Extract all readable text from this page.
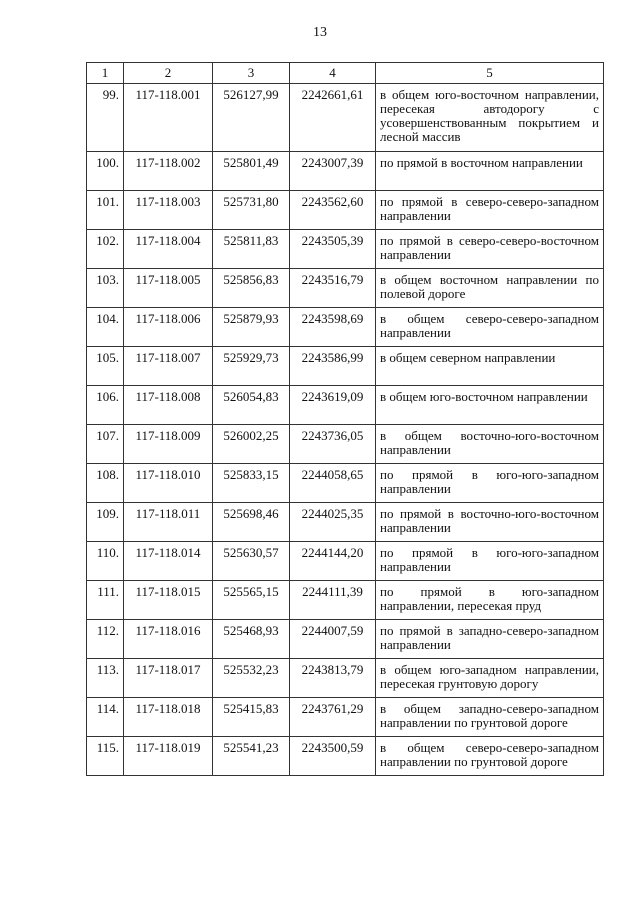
13
1	2	3	4	5
99.	117-118.001	526127,99	2242661,61	в общем юго-восточном направлении, пересекая автодорогу с усовершенствованным покрытием и лесной массив
100.	117-118.002	525801,49	2243007,39	по прямой в восточном направлении
101.	117-118.003	525731,80	2243562,60	по прямой в северо-северо-западном направлении
102.	117-118.004	525811,83	2243505,39	по прямой в северо-северо-восточном направлении
103.	117-118.005	525856,83	2243516,79	в общем восточном направлении по полевой дороге
104.	117-118.006	525879,93	2243598,69	в общем северо-северо-западном направлении
105.	117-118.007	525929,73	2243586,99	в общем северном направлении
106.	117-118.008	526054,83	2243619,09	в общем юго-восточном направлении
107.	117-118.009	526002,25	2243736,05	в общем восточно-юго-восточном направлении
108.	117-118.010	525833,15	2244058,65	по прямой в юго-юго-западном направлении
109.	117-118.011	525698,46	2244025,35	по прямой в восточно-юго-восточном направлении
110.	117-118.014	525630,57	2244144,20	по прямой в юго-юго-западном направлении
111.	117-118.015	525565,15	2244111,39	по прямой в юго-западном направлении, пересекая пруд
112.	117-118.016	525468,93	2244007,59	по прямой в западно-северо-западном направлении
113.	117-118.017	525532,23	2243813,79	в общем юго-западном направлении, пересекая грунтовую дорогу
114.	117-118.018	525415,83	2243761,29	в общем западно-северо-западном направлении по грунтовой дороге
115.	117-118.019	525541,23	2243500,59	в общем северо-северо-западном направлении по грунтовой дороге
